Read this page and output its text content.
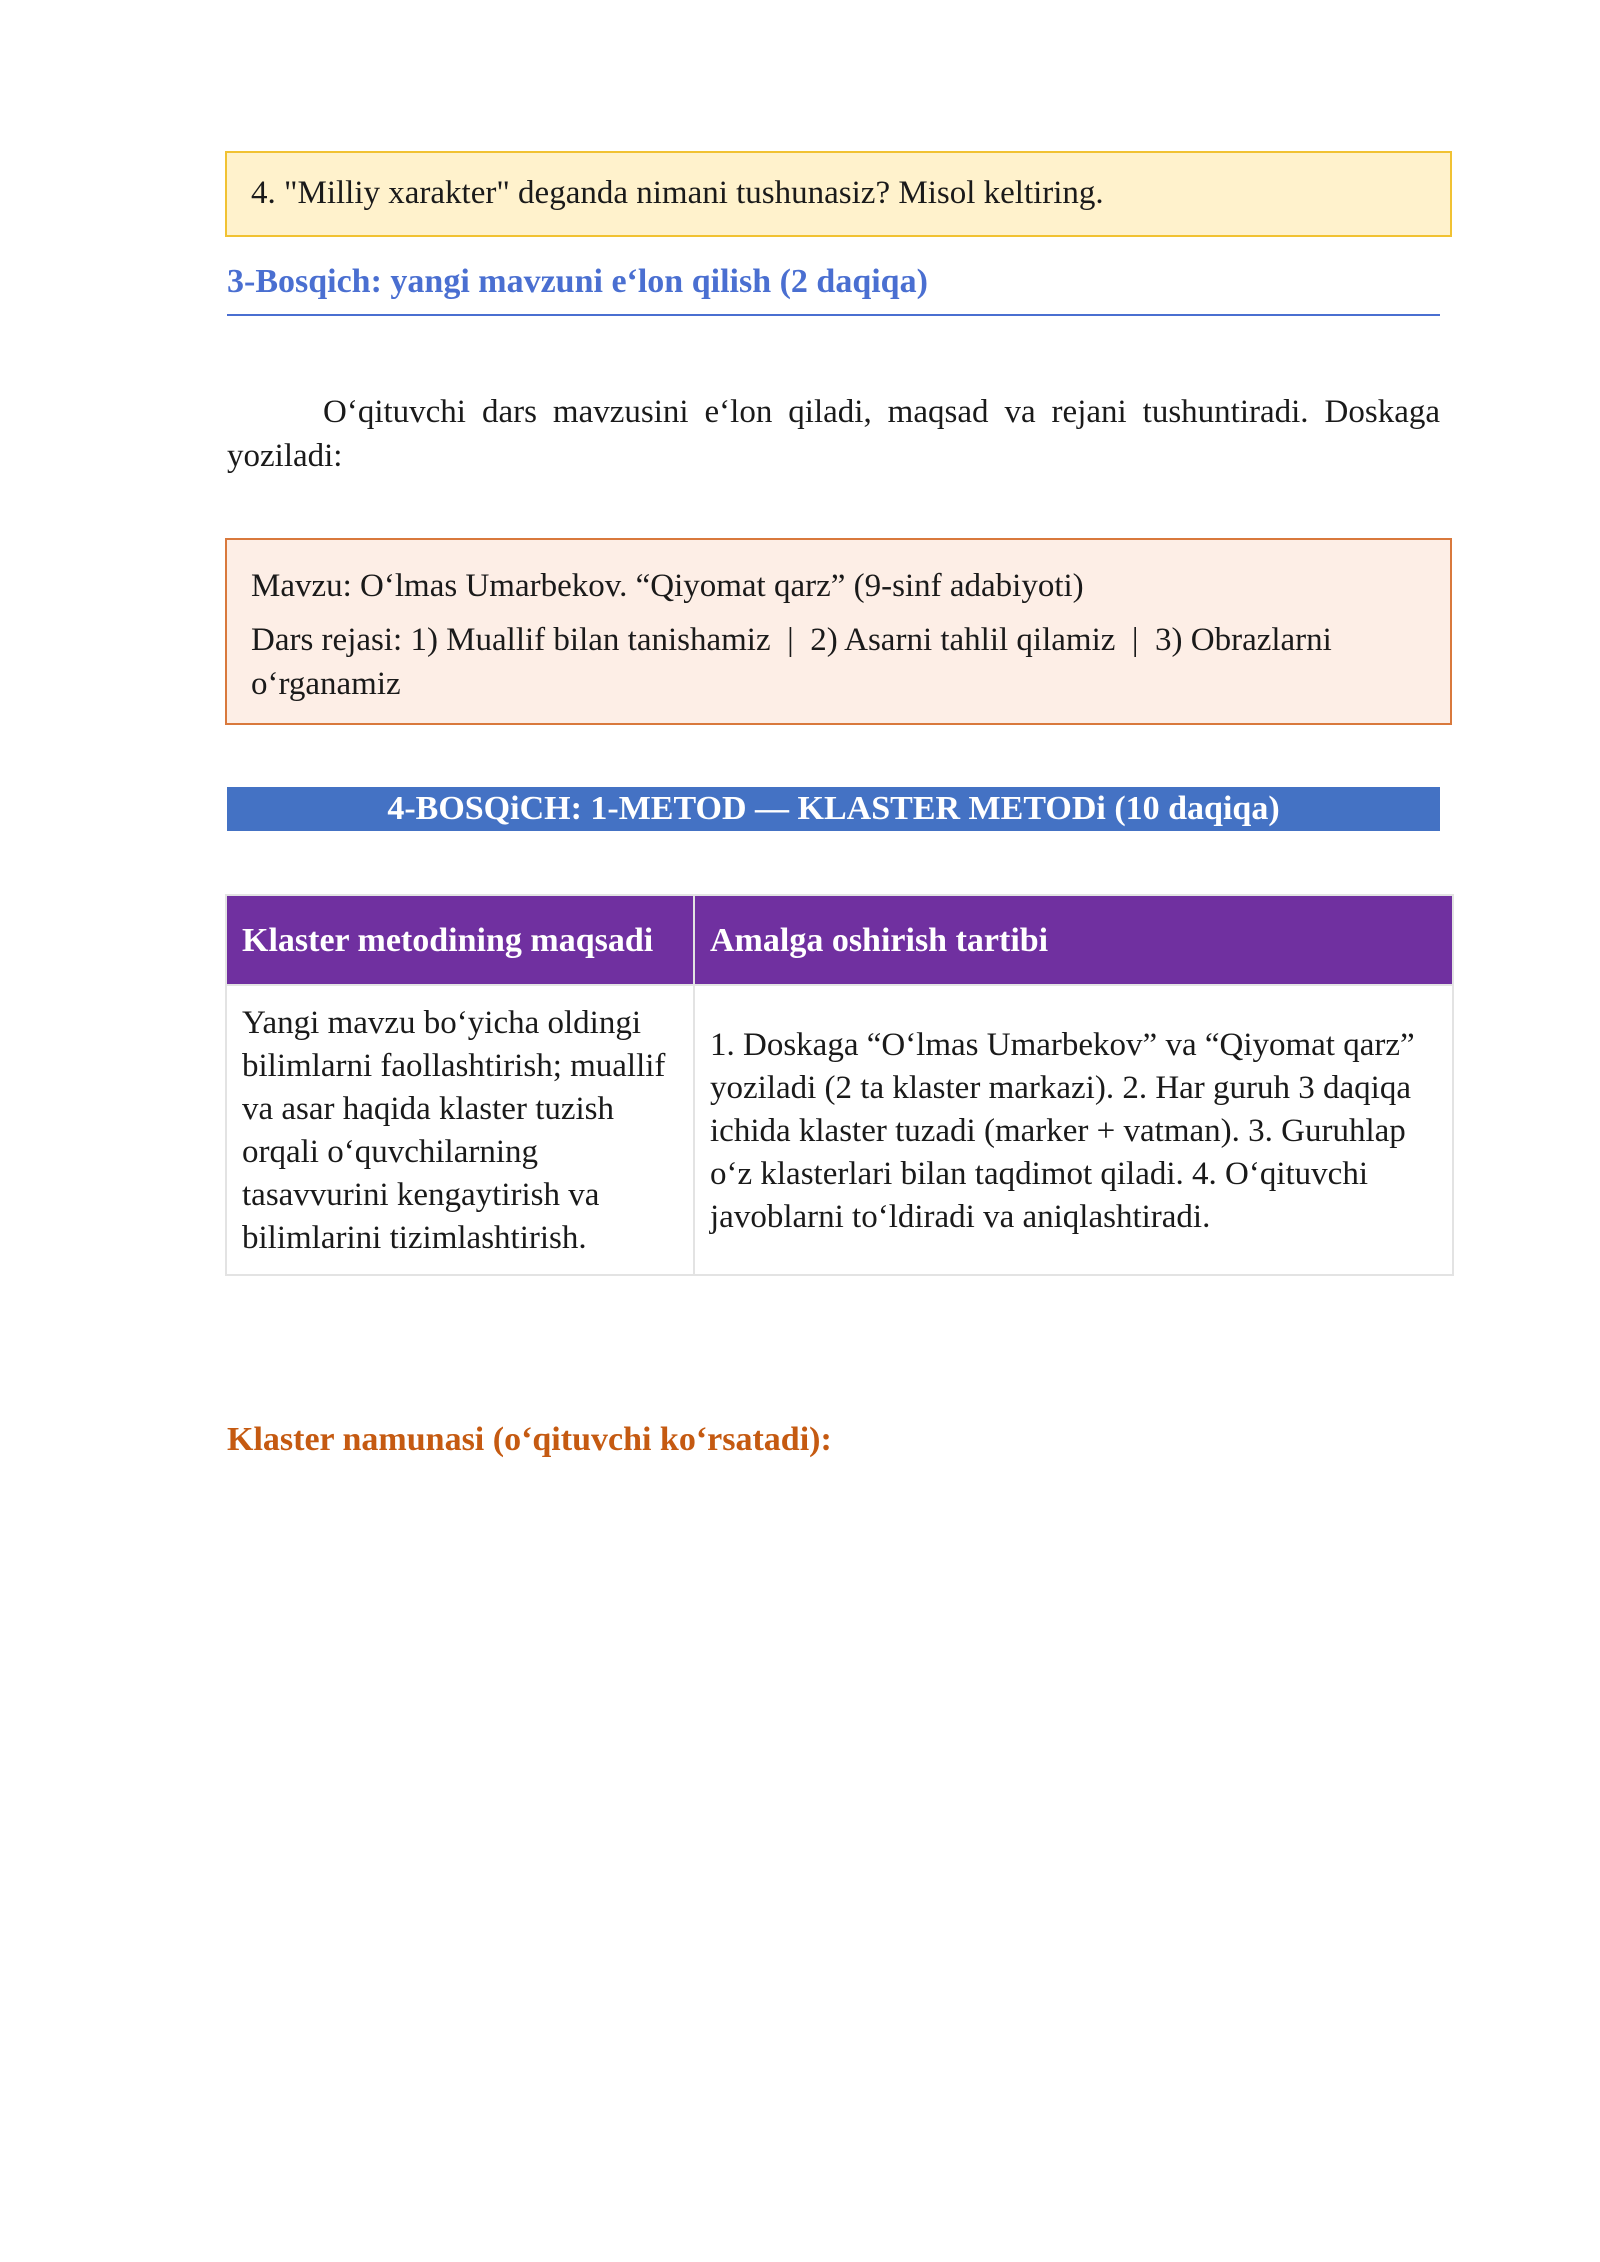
4. "Milliy xarakter" deganda nimani tushunasiz? Misol keltiring.
3-Bosqich: yangi mavzuni e‘lon qilish (2 daqiqa)

O‘qituvchi dars mavzusini e‘lon qiladi, maqsad va rejani tushuntiradi. Doskaga yoziladi:

Mavzu: O‘lmas Umarbekov. “Qiyomat qarz” (9-sinf adabiyoti)
Dars rejasi: 1) Muallif bilan tanishamiz  |  2) Asarni tahlil qilamiz  |  3) Obrazlarni o‘rganamiz
4-BOSQiCH: 1-METOD — KLASTER METODi (10 daqiqa)
Klaster metodining maqsadi	Amalga oshirish tartibi
Yangi mavzu bo‘yicha oldingi bilimlarni faollashtirish; muallif va asar haqida klaster tuzish orqali o‘quvchilarning tasavvurini kengaytirish va bilimlarini tizimlashtirish.	1. Doskaga “O‘lmas Umarbekov” va “Qiyomat qarz” yoziladi (2 ta klaster markazi). 2. Har guruh 3 daqiqa ichida klaster tuzadi (marker + vatman). 3. Guruhlap o‘z klasterlari bilan taqdimot qiladi. 4. O‘qituvchi javoblarni to‘ldiradi va aniqlashtiradi.
Klaster namunasi (o‘qituvchi ko‘rsatadi):
